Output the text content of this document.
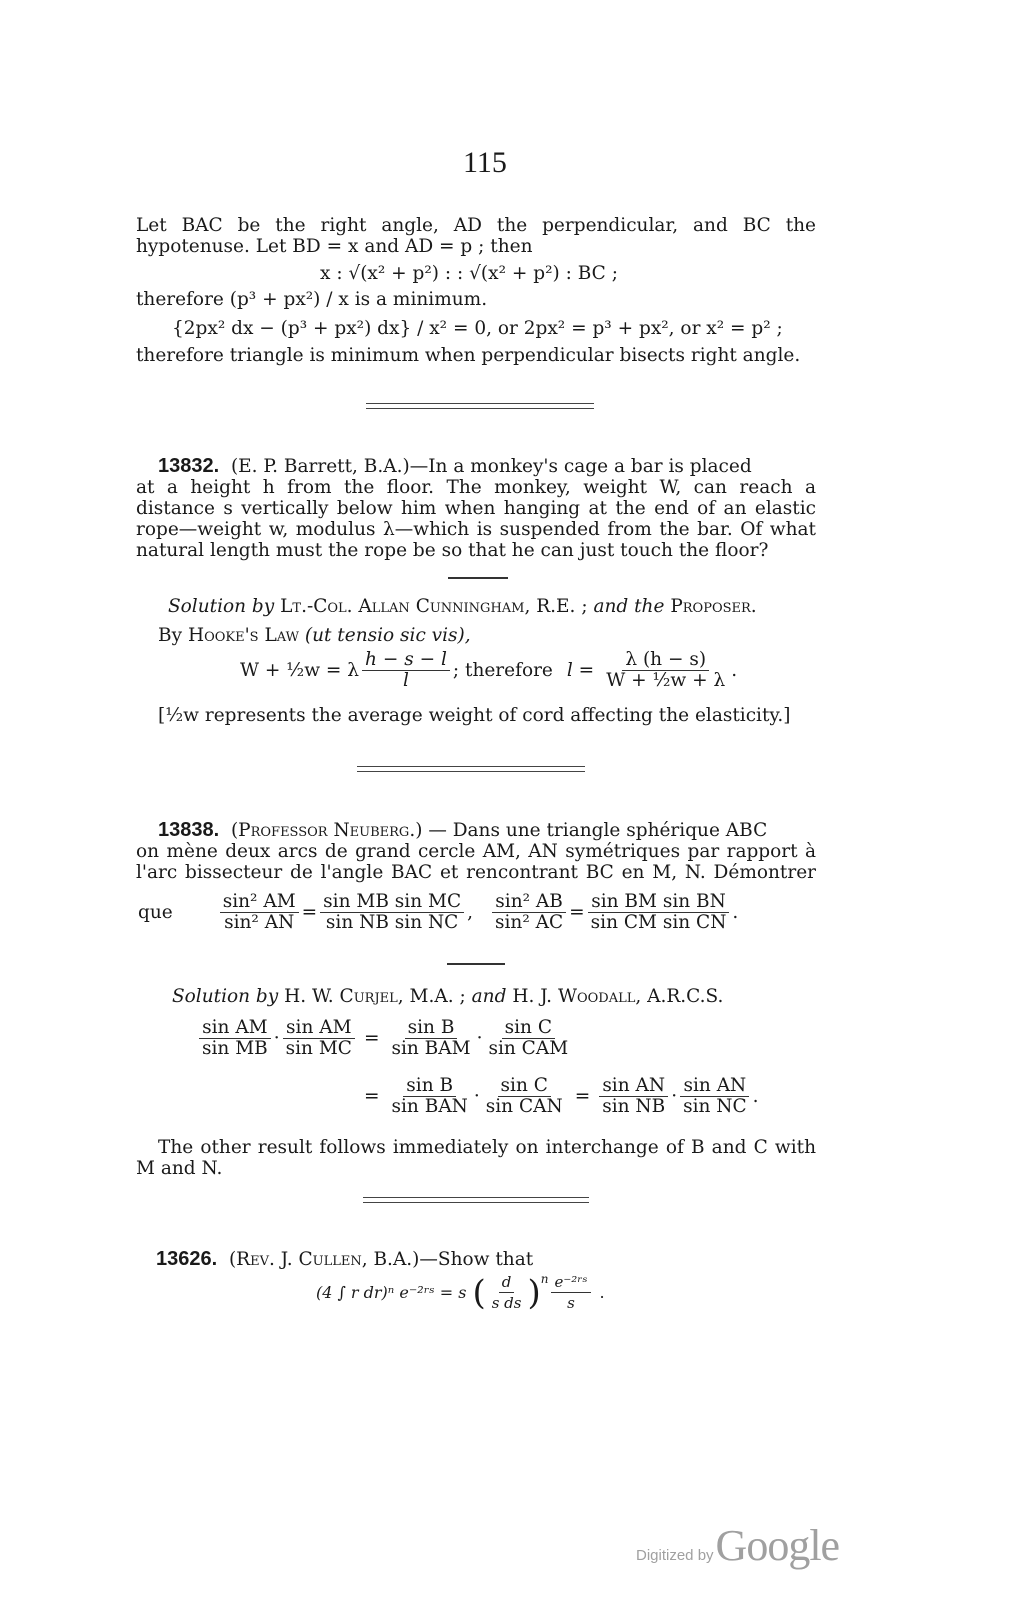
115
Let BAC be the right angle, AD the perpendicular, and BC the
hypotenuse. Let BD = x and AD = p ; then
x : √(x² + p²) : : √(x² + p²) : BC ;
therefore (p³ + px²) / x is a minimum.
{2px² dx − (p³ + px²) dx} / x² = 0, or 2px² = p³ + px², or x² = p² ;
therefore triangle is minimum when perpendicular bisects right angle.
13832. (E. P. Barrett, B.A.)—In a monkey's cage a bar is placed
at a height h from the floor. The monkey, weight W, can reach a
distance s vertically below him when hanging at the end of an elastic
rope—weight w, modulus λ—which is suspended from the bar. Of what
natural length must the rope be so that he can just touch the floor?
Solution by Lt.-Col. Allan Cunningham, R.E. ; and the Proposer.
By Hooke's Law (ut tensio sic vis),
W + ½w = λ $\frac{h - s - l}{l}$ ; therefore $l = \frac{\lambda (h - s)}{\text{W + ½w + λ}}$ .
[½w represents the average weight of cord affecting the elasticity.]
13838. (Professor Neuberg.) — Dans une triangle sphérique ABC
on mène deux arcs de grand cercle AM, AN symétriques par rapport à
l'arc bissecteur de l'angle BAC et rencontrant BC en M, N. Démontrer
que	$\frac{\text{sin² AM}}{\text{sin² AN}} = \frac{\text{sin MB sin MC}}{\text{sin NB sin NC}}$ , $\frac{\text{sin² AB}}{\text{sin² AC}} = \frac{\text{sin BM sin BN}}{\text{sin CM sin CN}}$ .
Solution by H. W. Curjel, M.A. ; and H. J. Woodall, A.R.C.S.
$\frac{\text{sin AM}}{\text{sin MB}} \cdot \frac{\text{sin AM}}{\text{sin MC}} = \frac{\text{sin B}}{\text{sin BAM}} \cdot \frac{\text{sin C}}{\text{sin CAM}}$
= $\frac{\text{sin B}}{\text{sin BAN}} \cdot \frac{\text{sin C}}{\text{sin CAN}} = \frac{\text{sin AN}}{\text{sin NB}} \cdot \frac{\text{sin AN}}{\text{sin NC}}$ .
The other result follows immediately on interchange of B and C with
M and N.
13626. (Rev. J. Cullen, B.A.)—Show that
(4 ∫ r dr)ⁿ e⁻²ʳˢ = s ( $\frac{d}{\text{s ds}}$ ) n $\frac{\text{e⁻²ʳˢ}}{s}$ .
Digitized by Google
